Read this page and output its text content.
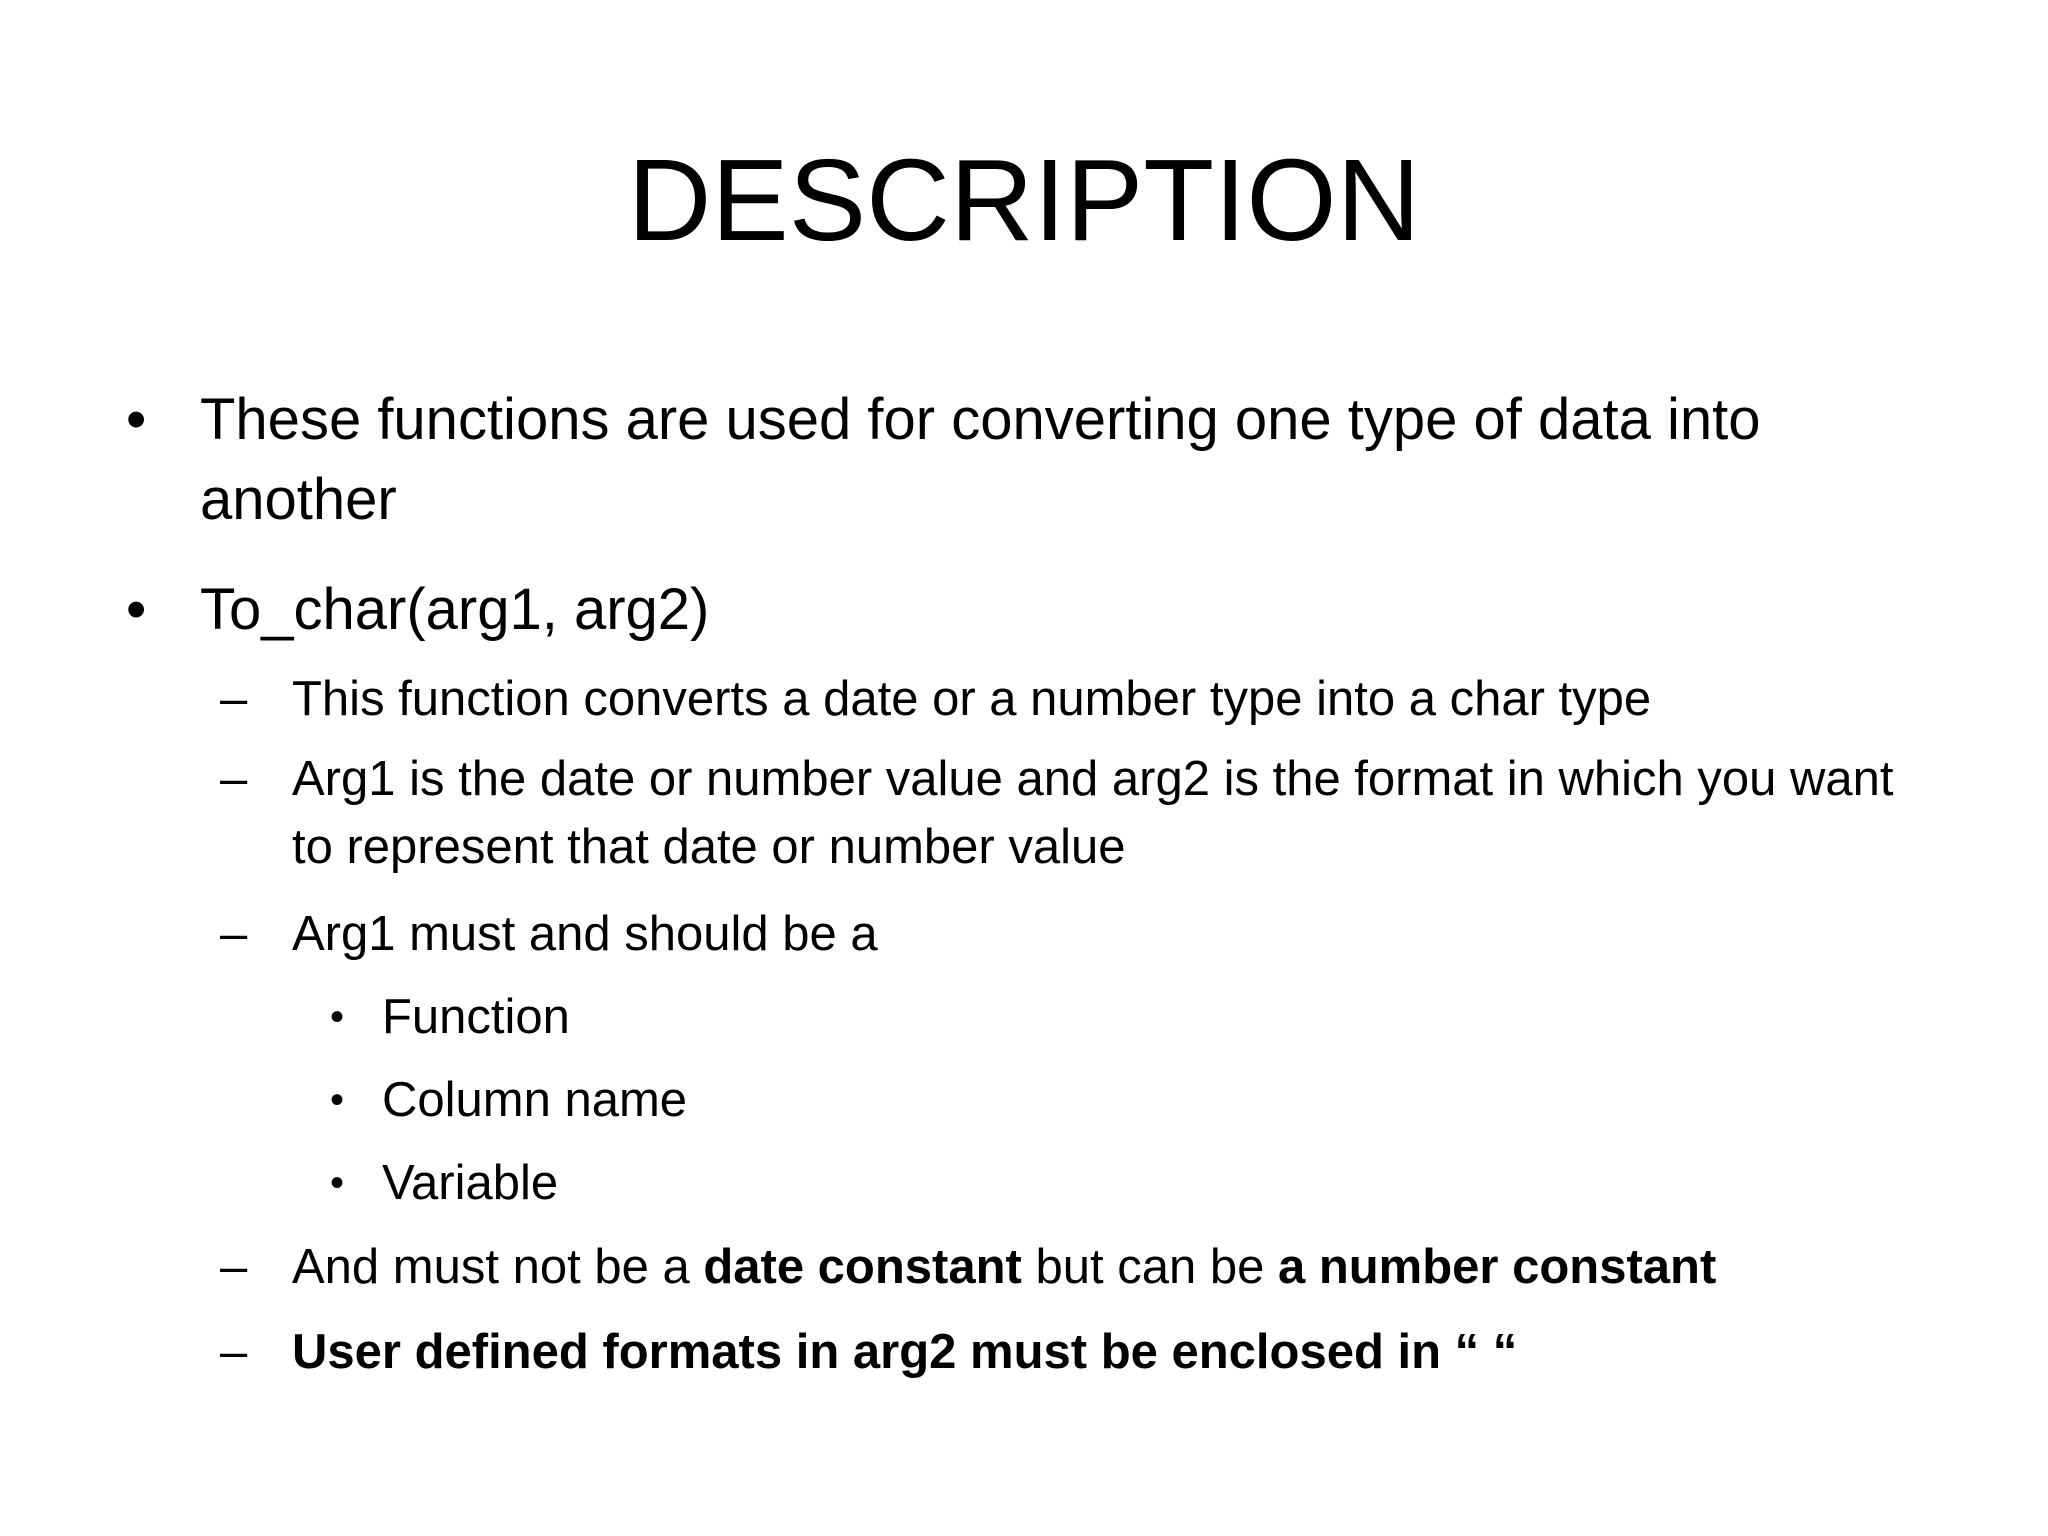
DESCRIPTION
• These functions are used for converting one type of data into another
• To_char(arg1, arg2)
– This function converts a date or a number type into a char type
– Arg1 is the date or number value and arg2 is the format in which you want to represent that date or number value
– Arg1 must and should be a
• Function
• Column name
• Variable
– And must not be a date constant but can be a number constant
– User defined formats in arg2 must be enclosed in “ “
